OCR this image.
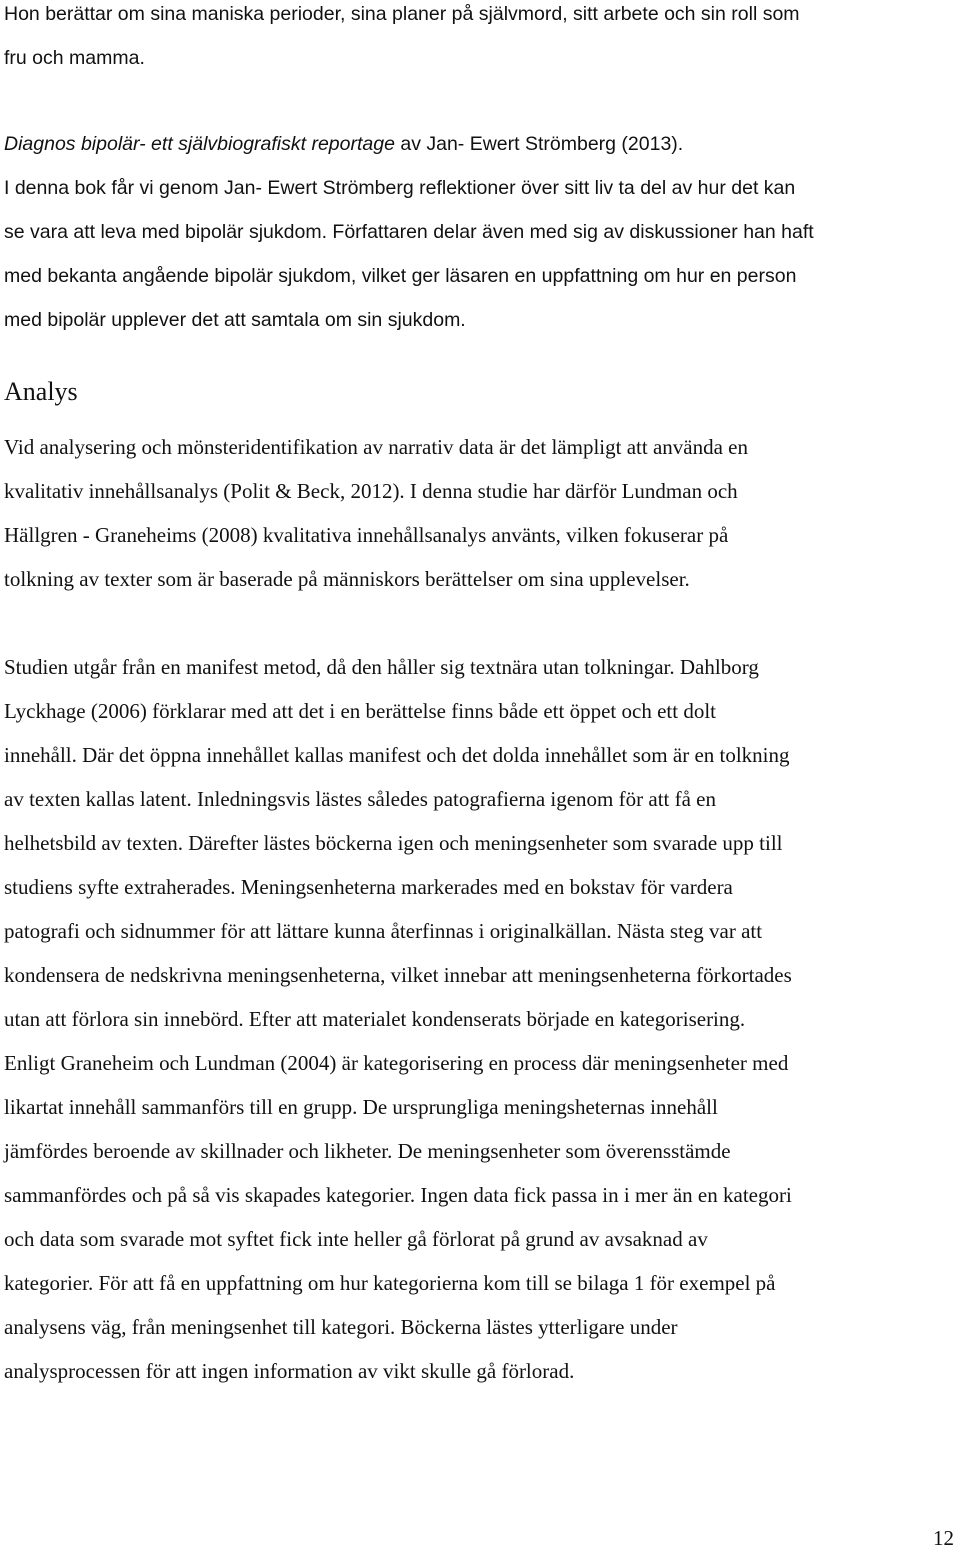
Hon berättar om sina maniska perioder, sina planer på självmord, sitt arbete och sin roll som
fru och mamma.

Diagnos bipolär- ett självbiografiskt reportage av Jan- Ewert Strömberg (2013).
I denna bok får vi genom Jan- Ewert Strömberg reflektioner över sitt liv ta del av hur det kan
se vara att leva med bipolär sjukdom. Författaren delar även med sig av diskussioner han haft
med bekanta angående bipolär sjukdom, vilket ger läsaren en uppfattning om hur en person
med bipolär upplever det att samtala om sin sjukdom.

Analys

Vid analysering och mönsteridentifikation av narrativ data är det lämpligt att använda en
kvalitativ innehållsanalys (Polit & Beck, 2012). I denna studie har därför Lundman och
Hällgren - Graneheims (2008) kvalitativa innehållsanalys använts, vilken fokuserar på
tolkning av texter som är baserade på människors berättelser om sina upplevelser.

Studien utgår från en manifest metod, då den håller sig textnära utan tolkningar. Dahlborg
Lyckhage (2006) förklarar med att det i en berättelse finns både ett öppet och ett dolt
innehåll. Där det öppna innehållet kallas manifest och det dolda innehållet som är en tolkning
av texten kallas latent. Inledningsvis lästes således patografierna igenom för att få en
helhetsbild av texten. Därefter lästes böckerna igen och meningsenheter som svarade upp till
studiens syfte extraherades. Meningsenheterna markerades med en bokstav för vardera
patografi och sidnummer för att lättare kunna återfinnas i originalkällan. Nästa steg var att
kondensera de nedskrivna meningsenheterna, vilket innebar att meningsenheterna förkortades
utan att förlora sin innebörd. Efter att materialet kondenserats började en kategorisering.
Enligt Graneheim och Lundman (2004) är kategorisering en process där meningsenheter med
likartat innehåll sammanförs till en grupp. De ursprungliga meningsheternas innehåll
jämfördes beroende av skillnader och likheter. De meningsenheter som överensstämde
sammanfördes och på så vis skapades kategorier. Ingen data fick passa in i mer än en kategori
och data som svarade mot syftet fick inte heller gå förlorat på grund av avsaknad av
kategorier. För att få en uppfattning om hur kategorierna kom till se bilaga 1 för exempel på
analysens väg, från meningsenhet till kategori. Böckerna lästes ytterligare under
analysprocessen för att ingen information av vikt skulle gå förlorad.

12
